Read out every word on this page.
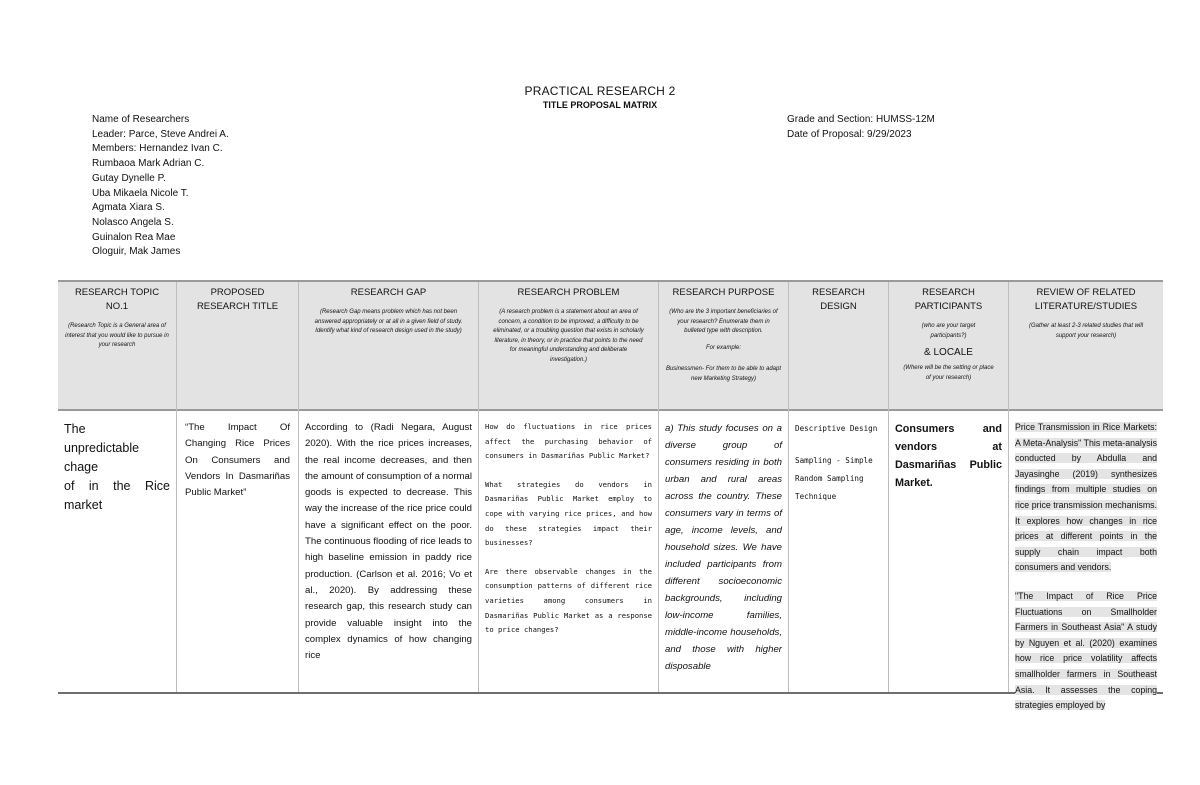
PRACTICAL RESEARCH 2
TITLE PROPOSAL MATRIX
Name of Researchers
Leader: Parce, Steve Andrei A.
Members: Hernandez Ivan C.
Rumbaoa Mark Adrian C.
Gutay Dynelle P.
Uba Mikaela Nicole T.
Agmata Xiara S.
Nolasco Angela S.
Guinalon Rea Mae
Ologuir, Mak James
Grade and Section: HUMSS-12M
Date of Proposal: 9/29/2023
RESEARCH TOPIC NO.1
(Research Topic is a General area of interest that you would like to pursue in your research
The
unpredictable
chage
of in the Rice
market
PROPOSED RESEARCH TITLE
“The Impact Of Changing Rice Prices On Consumers and Vendors In Dasmariñas Public Market”
RESEARCH GAP
(Research Gap means problem which has not been answered appropriately or at all in a given field of study. Identify what kind of research design used in the study)
According to (Radi Negara, August 2020). With the rice prices increases, the real income decreases, and then the amount of consumption of a normal goods is expected to decrease. This way the increase of the rice price could have a significant effect on the poor. The continuous flooding of rice leads to high baseline emission in paddy rice production. (Carlson et al. 2016; Vo et al., 2020). By addressing these research gap, this research study can provide valuable insight into the complex dynamics of how changing rice
RESEARCH PROBLEM
(A research problem is a statement about an area of concern, a condition to be improved, a difficulty to be eliminated, or a troubling question that exists in scholarly literature, in theory, or in practice that points to the need for meaningful understanding and deliberate investigation.)

How do fluctuations in rice prices affect the purchasing behavior of consumers in Dasmariñas Public Market?

What strategies do vendors in Dasmariñas Public Market employ to cope with varying rice prices, and how do these strategies impact their businesses?

Are there observable changes in the consumption patterns of different rice varieties among consumers in Dasmariñas Public Market as a response to price changes?

RESEARCH PURPOSE
(Who are the 3 important beneficiaries of your research? Enumerate them in bulleted type with description.
For example:
Businessmen- For them to be able to adapt new Marketing Strategy)
a) This study focuses on a diverse group of consumers residing in both urban and rural areas across the country. These consumers vary in terms of age, income levels, and household sizes. We have included participants from different socioeconomic backgrounds, including low-income families, middle-income households, and those with higher disposable
RESEARCH DESIGN

Descriptive Design

Sampling - Simple Random Sampling Technique

RESEARCH PARTICIPANTS
(who are your target participants?)
& LOCALE
(Where will be the setting or place of your research)
Consumers and vendors at Dasmariñas Public Market.
REVIEW OF RELATED LITERATURE/STUDIES
(Gather at least 2-3 related studies that will support your research)

Price Transmission in Rice Markets: A Meta-Analysis" This meta-analysis conducted by Abdulla and Jayasinghe (2019) synthesizes findings from multiple studies on rice price transmission mechanisms. It explores how changes in rice prices at different points in the supply chain impact both consumers and vendors.

"The Impact of Rice Price Fluctuations on Smallholder Farmers in Southeast Asia" A study by Nguyen et al. (2020) examines how rice price volatility affects smallholder farmers in Southeast Asia. It assesses the coping strategies employed by
